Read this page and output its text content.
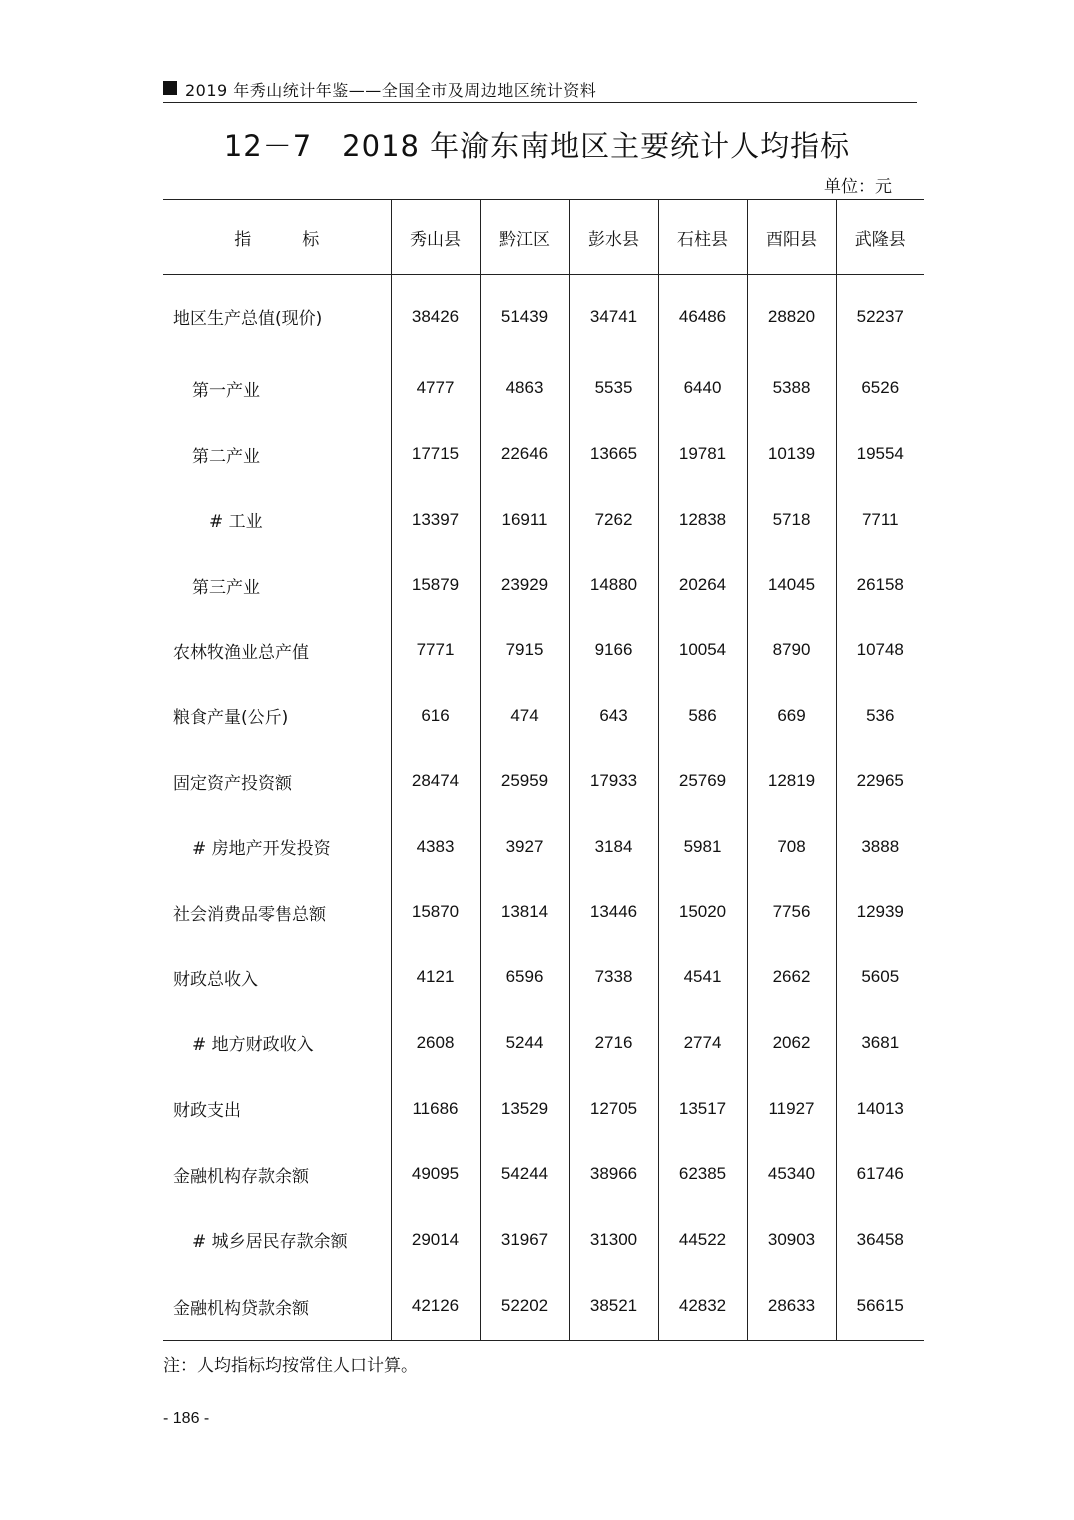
2019 年秀山统计年鉴——全国全市及周边地区统计资料
12－7　2018 年渝东南地区主要统计人均指标
单位：元
指　　　标	秀山县	黔江区	彭水县	石柱县	酉阳县	武隆县
地区生产总值(现价)	38426	51439	34741	46486	28820	52237
第一产业	4777	4863	5535	6440	5388	6526
第二产业	17715	22646	13665	19781	10139	19554
# 工业	13397	16911	7262	12838	5718	7711
第三产业	15879	23929	14880	20264	14045	26158
农林牧渔业总产值	7771	7915	9166	10054	8790	10748
粮食产量(公斤)	616	474	643	586	669	536
固定资产投资额	28474	25959	17933	25769	12819	22965
# 房地产开发投资	4383	3927	3184	5981	708	3888
社会消费品零售总额	15870	13814	13446	15020	7756	12939
财政总收入	4121	6596	7338	4541	2662	5605
# 地方财政收入	2608	5244	2716	2774	2062	3681
财政支出	11686	13529	12705	13517	11927	14013
金融机构存款余额	49095	54244	38966	62385	45340	61746
# 城乡居民存款余额	29014	31967	31300	44522	30903	36458
金融机构贷款余额	42126	52202	38521	42832	28633	56615
注：人均指标均按常住人口计算。
- 186 -
